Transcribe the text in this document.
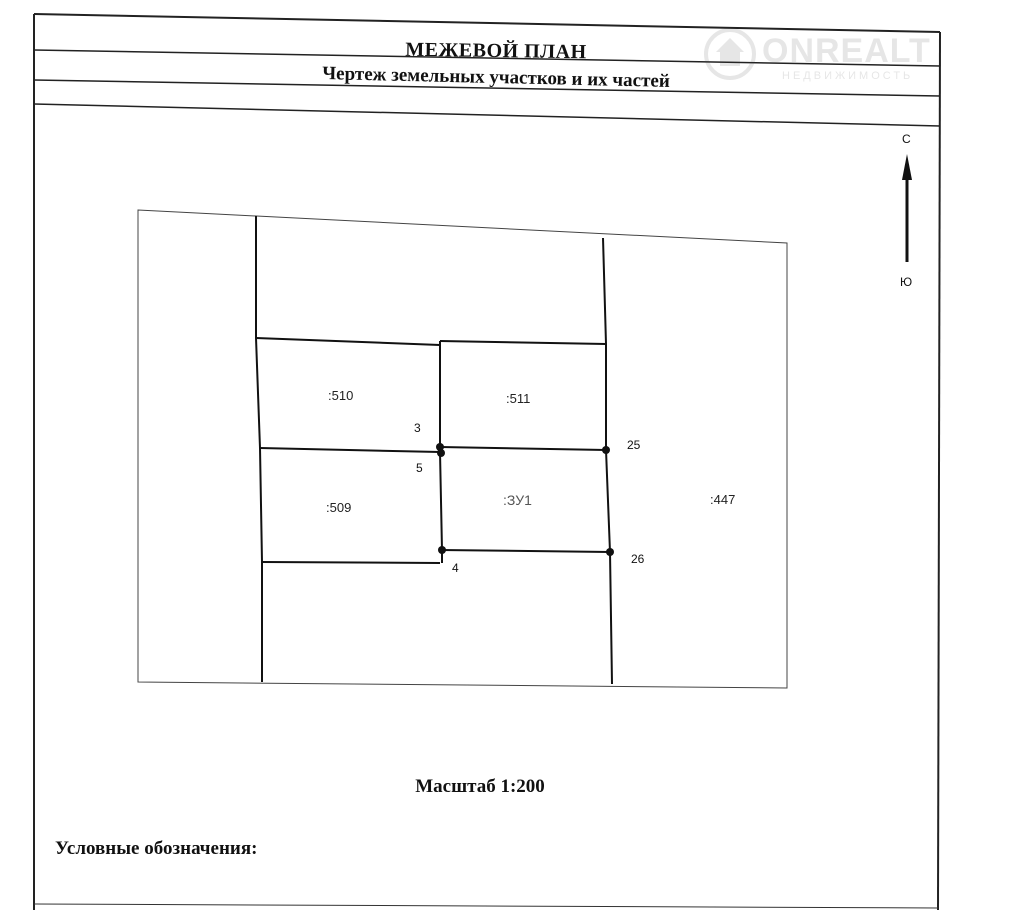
:510	:511
:509	:ЗУ1	:447
3
5
4
25
26
С
Ю
ONREALT
НЕДВИЖИМОСТЬ
МЕЖЕВОЙ ПЛАН
Чертеж земельных участков и их частей
Масштаб 1:200
Условные обозначения:
